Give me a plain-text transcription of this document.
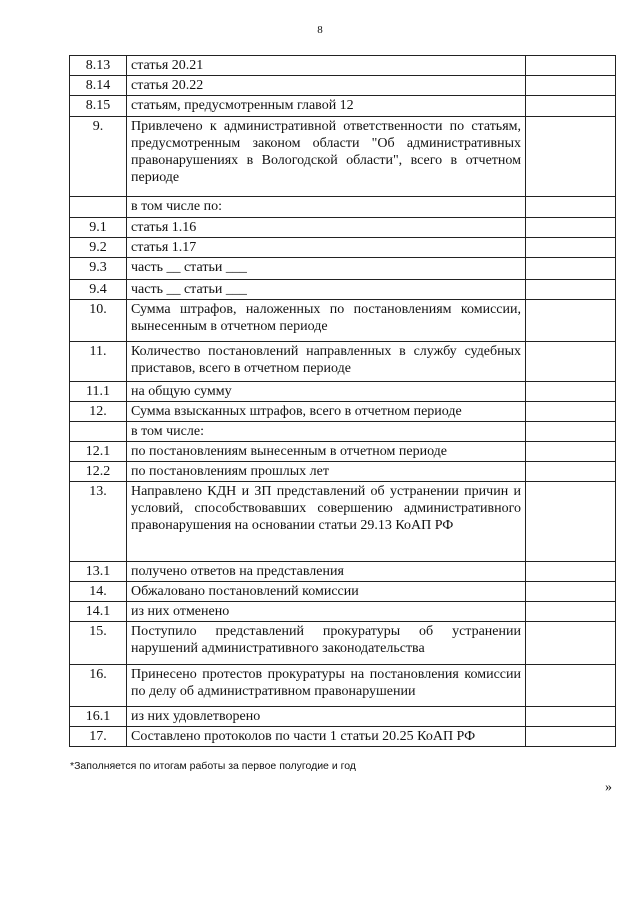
8
8.13	статья 20.21	
8.14	статья 20.22	
8.15	статьям, предусмотренным главой 12	
9.	Привлечено к административной ответственности по статьям, предусмотренным законом области "Об административных правонарушениях в Вологодской области", всего в отчетном периоде	
	в том числе по:	
9.1	статья 1.16	
9.2	статья 1.17	
9.3	часть __ статьи ___	
9.4	часть __ статьи ___	
10.	Сумма штрафов, наложенных по постановлениям комиссии, вынесенным в отчетном периоде	
11.	Количество постановлений направленных в службу судебных приставов, всего в отчетном периоде	
11.1	на общую сумму	
12.	Сумма взысканных штрафов, всего в отчетном периоде	
	в том числе:	
12.1	по постановлениям вынесенным в отчетном периоде	
12.2	по постановлениям прошлых лет	
13.	Направлено КДН и ЗП представлений об устранении причин и условий, способствовавших совершению административного правонарушения на основании статьи 29.13 КоАП РФ	
13.1	получено ответов на представления	
14.	Обжаловано постановлений комиссии	
14.1	из них отменено	
15.	Поступило представлений прокуратуры об устранении нарушений административного законодательства	
16.	Принесено протестов прокуратуры на постановления комиссии по делу об административном правонарушении	
16.1	из них удовлетворено	
17.	Составлено протоколов по части 1 статьи 20.25 КоАП РФ	
*Заполняется по итогам работы за первое полугодие и год
»
